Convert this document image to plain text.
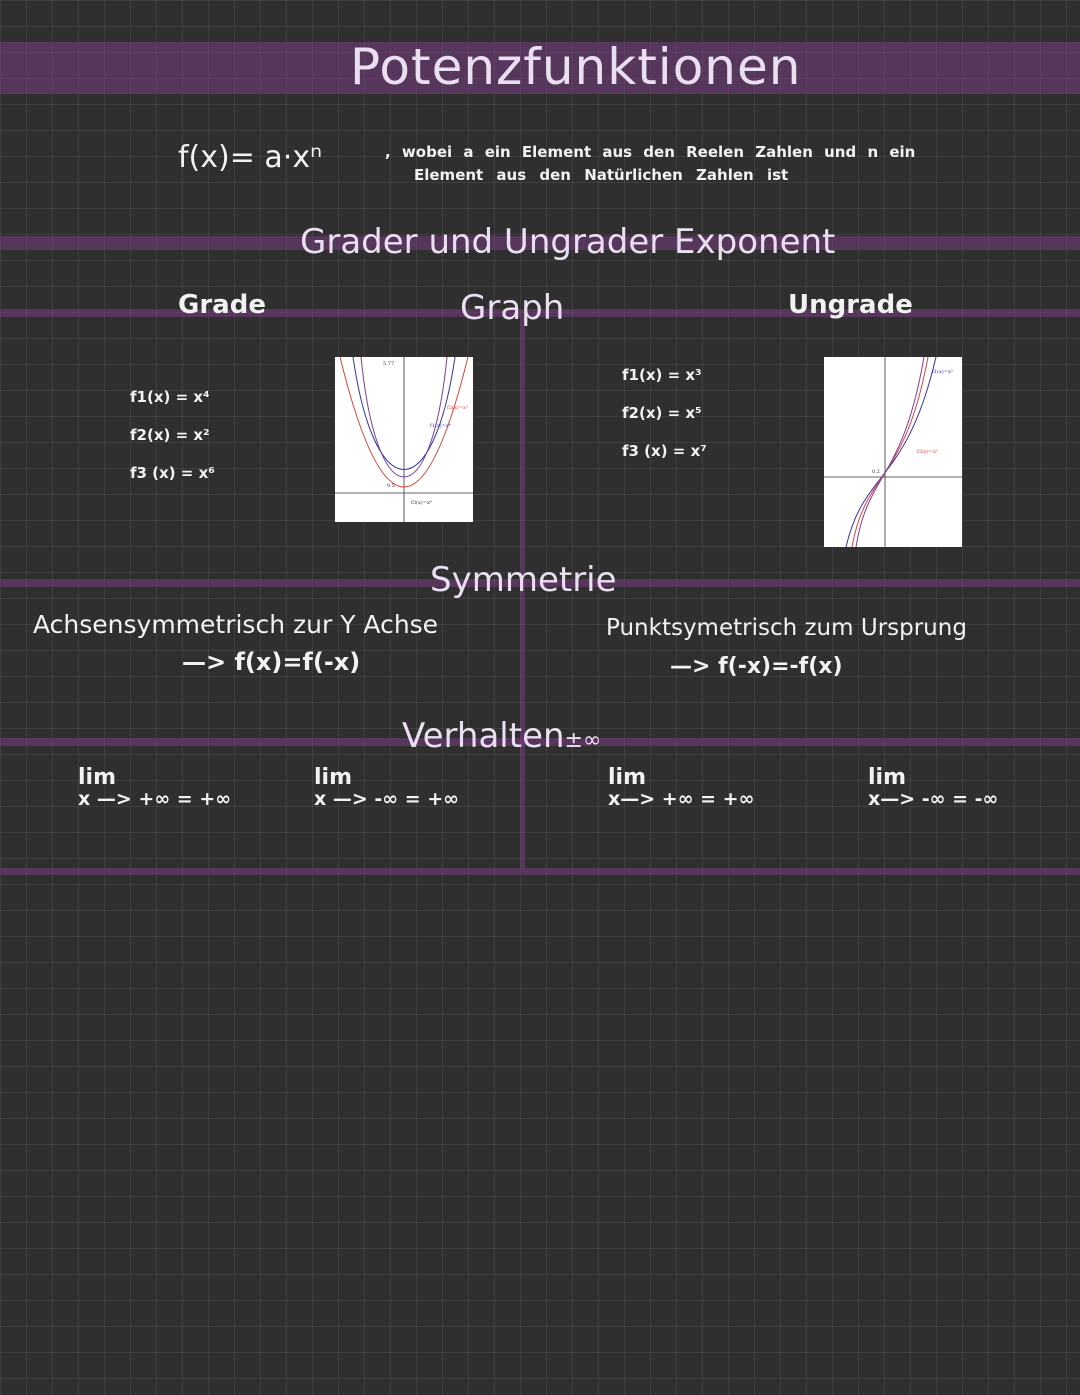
Potenzfunktionen
f(x)= a·xⁿ	, wobei a ein Element aus den Reelen Zahlen und n ein
Element aus den Natürlichen Zahlen ist
Grader und Ungrader Exponent
Grade	Graph	Ungrade
f1(x) = x⁴
f2(x) = x²
f3 (x) = x⁶
f1(x) = x³
f2(x) = x⁵
f3 (x) = x⁷
5.77
f2(x)=x²
f1(x)=x⁴
f3(x)=x⁶
0.5
f1(x)=x³
f2(x)=x⁵
0.2
Symmetrie
Achsensymmetrisch zur Y Achse
—> f(x)=f(-x)
Punktsymetrisch zum Ursprung
—> f(-x)=-f(x)
Verhalten±∞
lim
x —> +∞ = +∞
lim
x —> -∞ = +∞
lim
x—> +∞ = +∞
lim
x—> -∞ = -∞
